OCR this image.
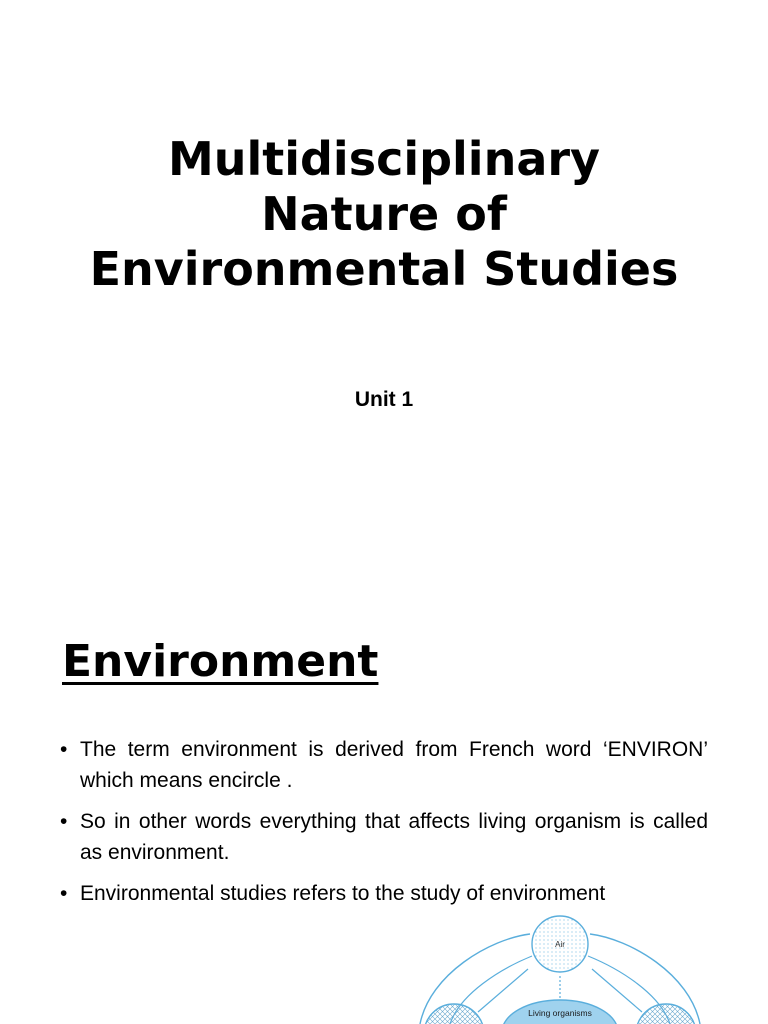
Multidisciplinary
Nature of
Environmental Studies
Unit 1
Environment
• The term environment is derived from French word ‘ENVIRON’ which means encircle .
• So in other words everything that affects living organism is called as environment.
• Environmental studies refers to the study of environment
Air
Living organisms
